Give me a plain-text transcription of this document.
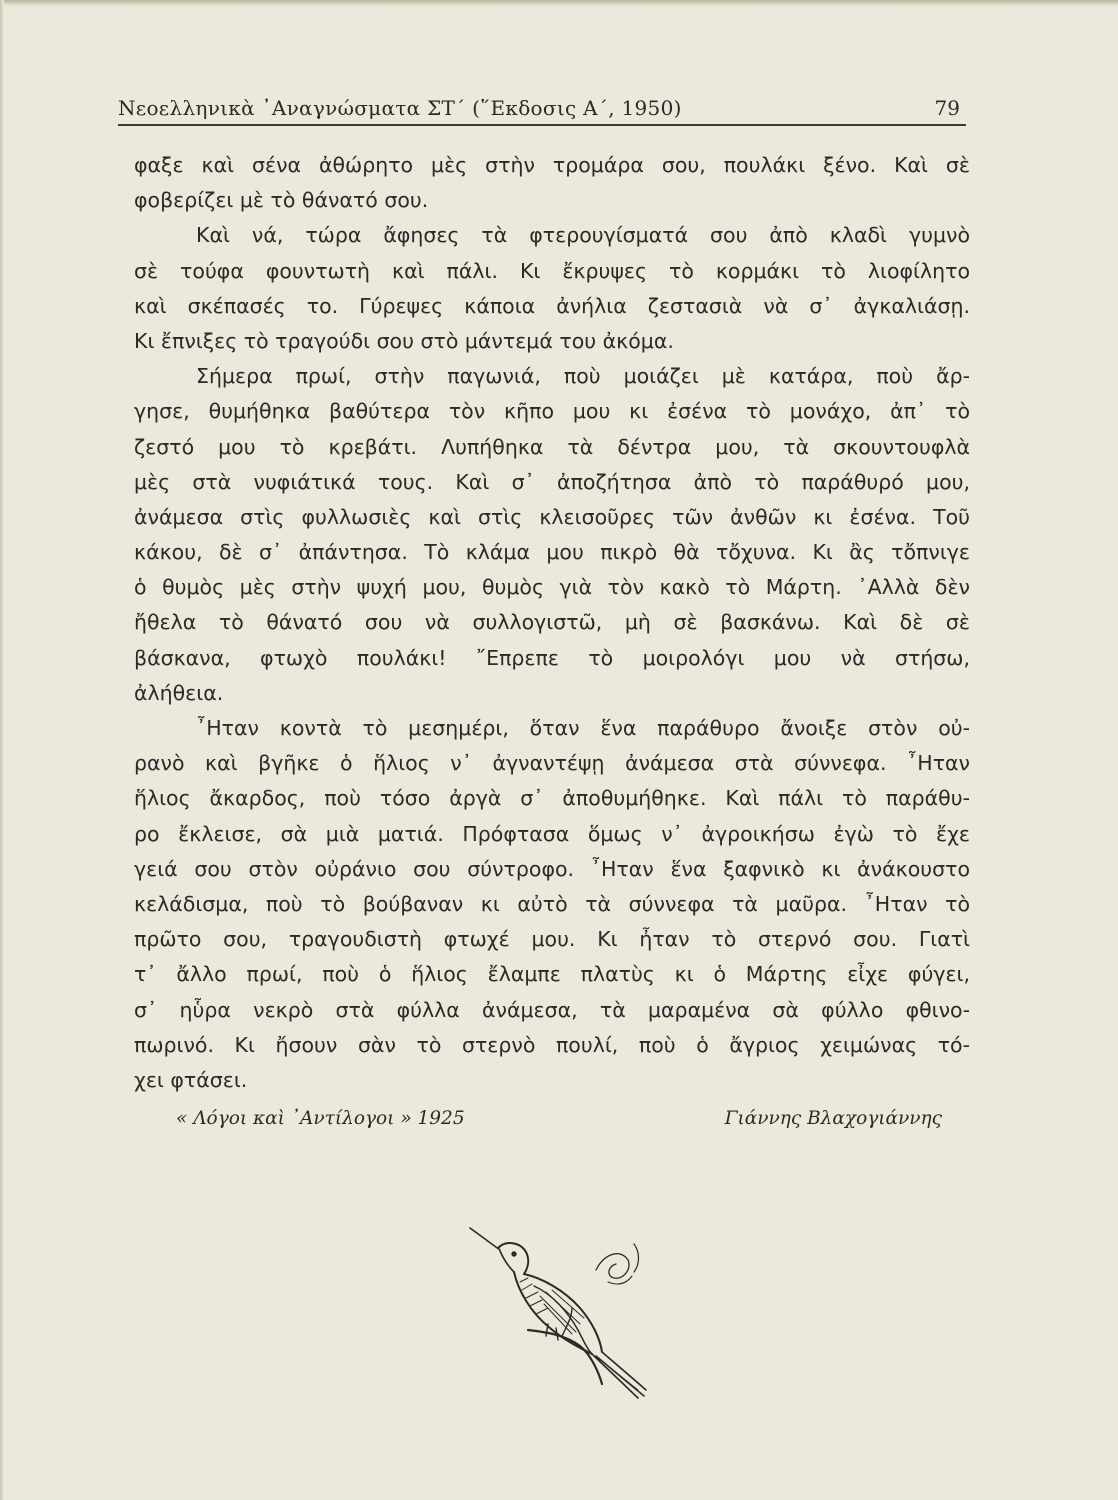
Νεοελληνικὰ ᾿Αναγνώσματα ΣΤ΄ (῞Εκδοσις Α΄, 1950)	79
φαξε καὶ σένα ἀθώρητο μὲς στὴν τρομάρα σου, πουλάκι ξένο. Καὶ σὲ
φοβερίζει μὲ τὸ θάνατό σου.
Καὶ νά, τώρα ἄφησες τὰ φτερουγίσματά σου ἀπὸ κλαδὶ γυμνὸ
σὲ τούφα φουντωτὴ καὶ πάλι. Κι ἔκρυψες τὸ κορμάκι τὸ λιοφίλητο
καὶ σκέπασές το. Γύρεψες κάποια ἀνήλια ζεστασιὰ νὰ σ᾿ ἀγκαλιάσῃ.
Κι ἔπνιξες τὸ τραγούδι σου στὸ μάντεμά του ἀκόμα.
Σήμερα πρωί, στὴν παγωνιά, ποὺ μοιάζει μὲ κατάρα, ποὺ ἄρ-
γησε, θυμήθηκα βαθύτερα τὸν κῆπο μου κι ἐσένα τὸ μονάχο, ἀπ᾿ τὸ
ζεστό μου τὸ κρεβάτι. Λυπήθηκα τὰ δέντρα μου, τὰ σκουντουφλὰ
μὲς στὰ νυφιάτικά τους. Καὶ σ᾿ ἀποζήτησα ἀπὸ τὸ παράθυρό μου,
ἀνάμεσα στὶς φυλλωσιὲς καὶ στὶς κλεισοῦρες τῶν ἀνθῶν κι ἐσένα. Τοῦ
κάκου, δὲ σ᾿ ἀπάντησα. Τὸ κλάμα μου πικρὸ θὰ τὄχυνα. Κι ἂς τὄπνιγε
ὁ θυμὸς μὲς στὴν ψυχή μου, θυμὸς γιὰ τὸν κακὸ τὸ Μάρτη. ᾿Αλλὰ δὲν
ἤθελα τὸ θάνατό σου νὰ συλλογιστῶ, μὴ σὲ βασκάνω. Καὶ δὲ σὲ
βάσκανα, φτωχὸ πουλάκι! ῎Επρεπε τὸ μοιρολόγι μου νὰ στήσω,
ἀλήθεια.
῏Ηταν κοντὰ τὸ μεσημέρι, ὅταν ἕνα παράθυρο ἄνοιξε στὸν οὐ-
ρανὸ καὶ βγῆκε ὁ ἥλιος ν᾿ ἀγναντέψῃ ἀνάμεσα στὰ σύννεφα. ῏Ηταν
ἥλιος ἄκαρδος, ποὺ τόσο ἀργὰ σ᾿ ἀποθυμήθηκε. Καὶ πάλι τὸ παράθυ-
ρο ἔκλεισε, σὰ μιὰ ματιά. Πρόφτασα ὅμως ν᾿ ἀγροικήσω ἐγὼ τὸ ἔχε
γειά σου στὸν οὐράνιο σου σύντροφο. ῏Ηταν ἕνα ξαφνικὸ κι ἀνάκουστο
κελάδισμα, ποὺ τὸ βούβαναν κι αὐτὸ τὰ σύννεφα τὰ μαῦρα. ῏Ηταν τὸ
πρῶτο σου, τραγουδιστὴ φτωχέ μου. Κι ἦταν τὸ στερνό σου. Γιατὶ
τ᾿ ἄλλο πρωί, ποὺ ὁ ἥλιος ἔλαμπε πλατὺς κι ὁ Μάρτης εἶχε φύγει,
σ᾿ ηὗρα νεκρὸ στὰ φύλλα ἀνάμεσα, τὰ μαραμένα σὰ φύλλο φθινο-
πωρινό. Κι ἤσουν σὰν τὸ στερνὸ πουλί, ποὺ ὁ ἄγριος χειμώνας τό-
χει φτάσει.
« Λόγοι καὶ ᾿Αντίλογοι » 1925	Γιάννης Βλαχογιάννης
